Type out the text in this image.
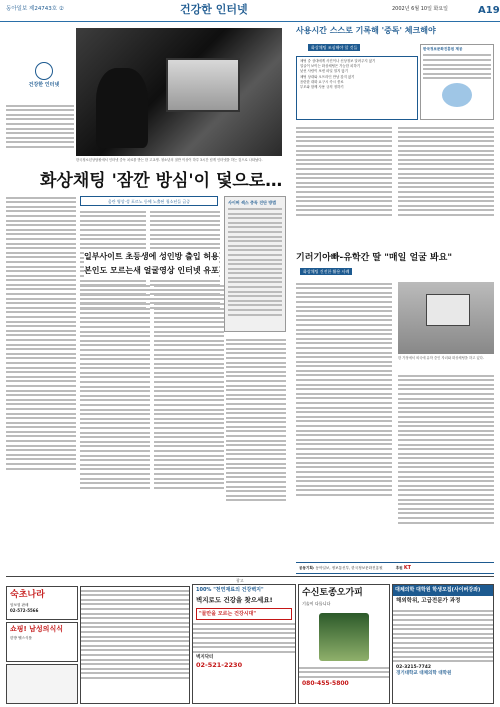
동아일보 제24743호 ②	건강한 인터넷	2002년 6월 10일 화요일	A19
건강한 인터넷
한국청소년상담원에서 인터넷 중독 치료를 받는 한 고교생. 청소년의 절반 이상이 하루 3시간 넘게 인터넷을 하는 것으로 나타났다.
화상채팅 '잠깐 방심'이 덫으로…
음란 영상·성 포르노 등에 노출된 청소년들 급증
일부사이트 초등생에 성인방 출입 허용
본인도 모르는새 얼굴영상 인터넷 유포
사이버 섹스 중독 진단 방법
사용시간 스스로 기록해 '중독' 체크해야
화상채팅 조심해야 할 것들
채팅 중 상대에게 사진이나 신상정보 알려주지 않기
얼굴이 보이는 화상채팅은 가능한 피하기
낯선 사람이 보낸 파일 열지 않기
채팅 상대와 오프라인 만남 갖지 않기
음란한 대화 요구시 즉시 종료
부모와 함께 사용 규칙 정하기
한국정보문화진흥원 제공
기러기아빠-유학간 딸 "매일 얼굴 봐요"
화상채팅 건전한 활용 사례
한 가정에서 외국에 유학 중인 자녀와 화상채팅을 하고 있다.
공동기획: 동아일보, 정보통신부, 한국정보문화진흥원	후원 KT
광고
숙초나라
암보험 판매
02-572-5566
쇼핑! 남성의식식
한방 헬스식품
100% "천연재료의 건강벽지"
벽지로도 건강을 찾으세요!
"물만을 모르는 건강시대"
벽지닥터
02-521-2230
수신토종오가피
기술이 다릅니다
080-455-5800
대체의학 대학원 학생모집(사이버강좌)
해외학위, 고급전문가 과정
02-3215-7742
경기대학교 대체의학 대학원
